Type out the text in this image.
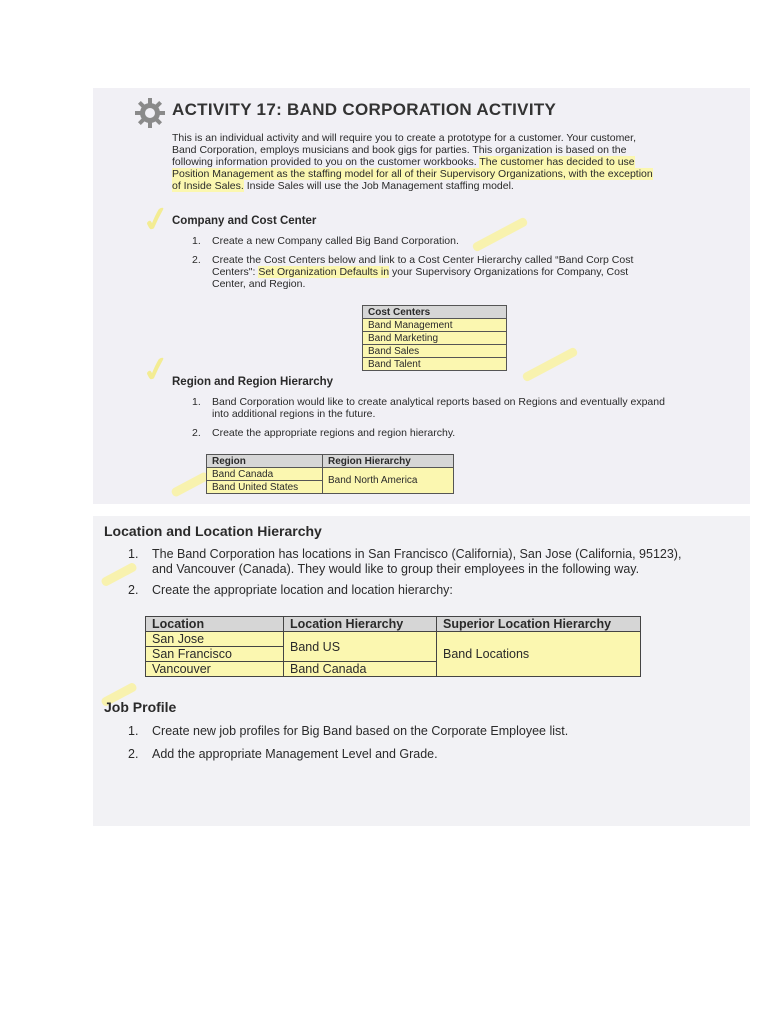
✓
✓
ACTIVITY 17: BAND CORPORATION ACTIVITY
This is an individual activity and will require you to create a prototype for a customer. Your customer,
Band Corporation, employs musicians and book gigs for parties. This organization is based on the
following information provided to you on the customer workbooks. The customer has decided to use
Position Management as the staffing model for all of their Supervisory Organizations, with the exception
of Inside Sales. Inside Sales will use the Job Management staffing model.
Company and Cost Center
1. Create a new Company called Big Band Corporation.
2. Create the Cost Centers below and link to a Cost Center Hierarchy called “Band Corp Cost
Centers": Set Organization Defaults in your Supervisory Organizations for Company, Cost
Center, and Region.
Cost Centers
Band Management
Band Marketing
Band Sales
Band Talent
Region and Region Hierarchy
1. Band Corporation would like to create analytical reports based on Regions and eventually expand
into additional regions in the future.
2. Create the appropriate regions and region hierarchy.
Region	Region Hierarchy
Band Canada	Band North America
Band United States	
Location and Location Hierarchy
1. The Band Corporation has locations in San Francisco (California), San Jose (California, 95123),
and Vancouver (Canada). They would like to group their employees in the following way.
2. Create the appropriate location and location hierarchy:
Location	Location Hierarchy	Superior Location Hierarchy
San Jose	Band US	Band Locations
San Francisco		
Vancouver	Band Canada	
Job Profile
1. Create new job profiles for Big Band based on the Corporate Employee list.
2. Add the appropriate Management Level and Grade.
